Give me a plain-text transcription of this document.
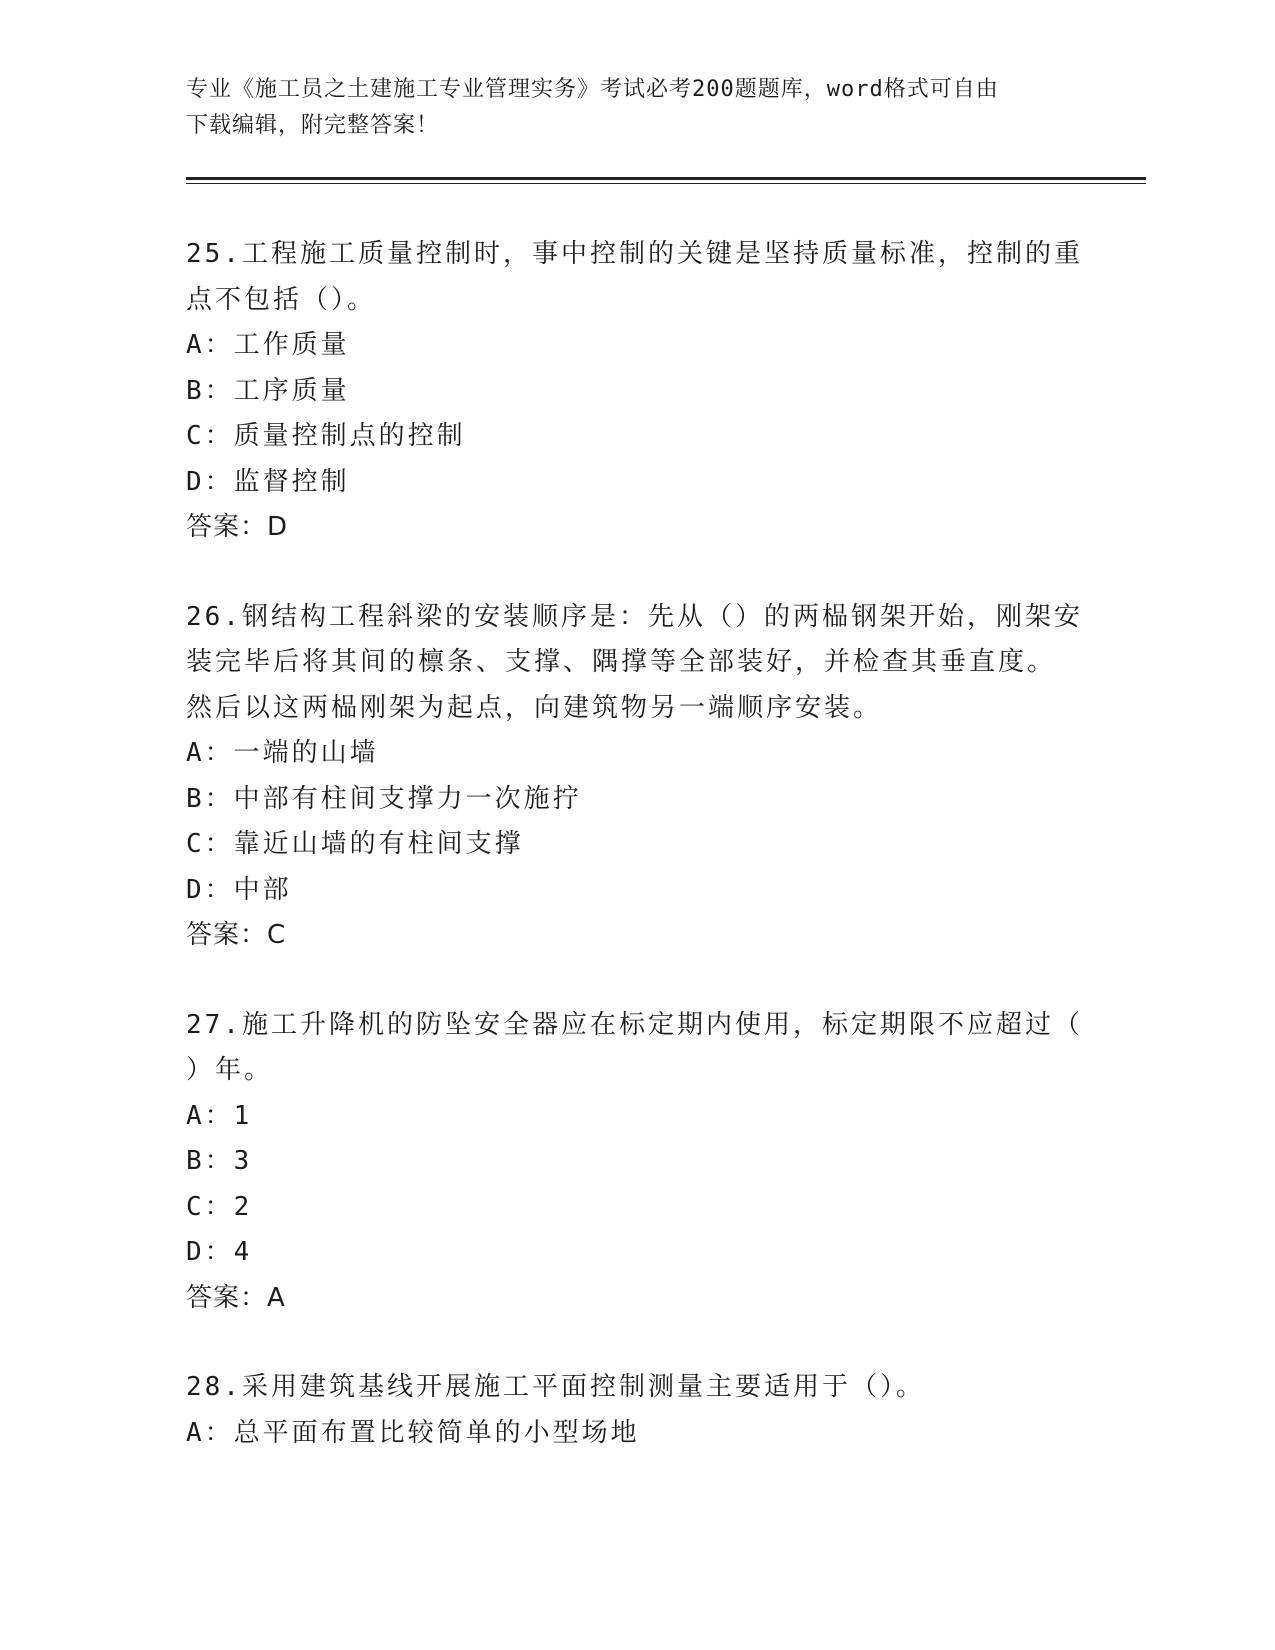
专业《施工员之土建施工专业管理实务》考试必考200题题库，word格式可自由
下载编辑，附完整答案！
25.工程施工质量控制时，事中控制的关键是坚持质量标准，控制的重
点不包括（）。
A：工作质量
B：工序质量
C：质量控制点的控制
D：监督控制
答案：D
26.钢结构工程斜梁的安装顺序是：先从（）的两榀钢架开始，刚架安
装完毕后将其间的檩条、支撑、隅撑等全部装好，并检查其垂直度。
然后以这两榀刚架为起点，向建筑物另一端顺序安装。
A：一端的山墙
B：中部有柱间支撑力一次施拧
C：靠近山墙的有柱间支撑
D：中部
答案：C
27.施工升降机的防坠安全器应在标定期内使用，标定期限不应超过（
）年。
A：1
B：3
C：2
D：4
答案：A
28.采用建筑基线开展施工平面控制测量主要适用于（）。
A：总平面布置比较简单的小型场地
